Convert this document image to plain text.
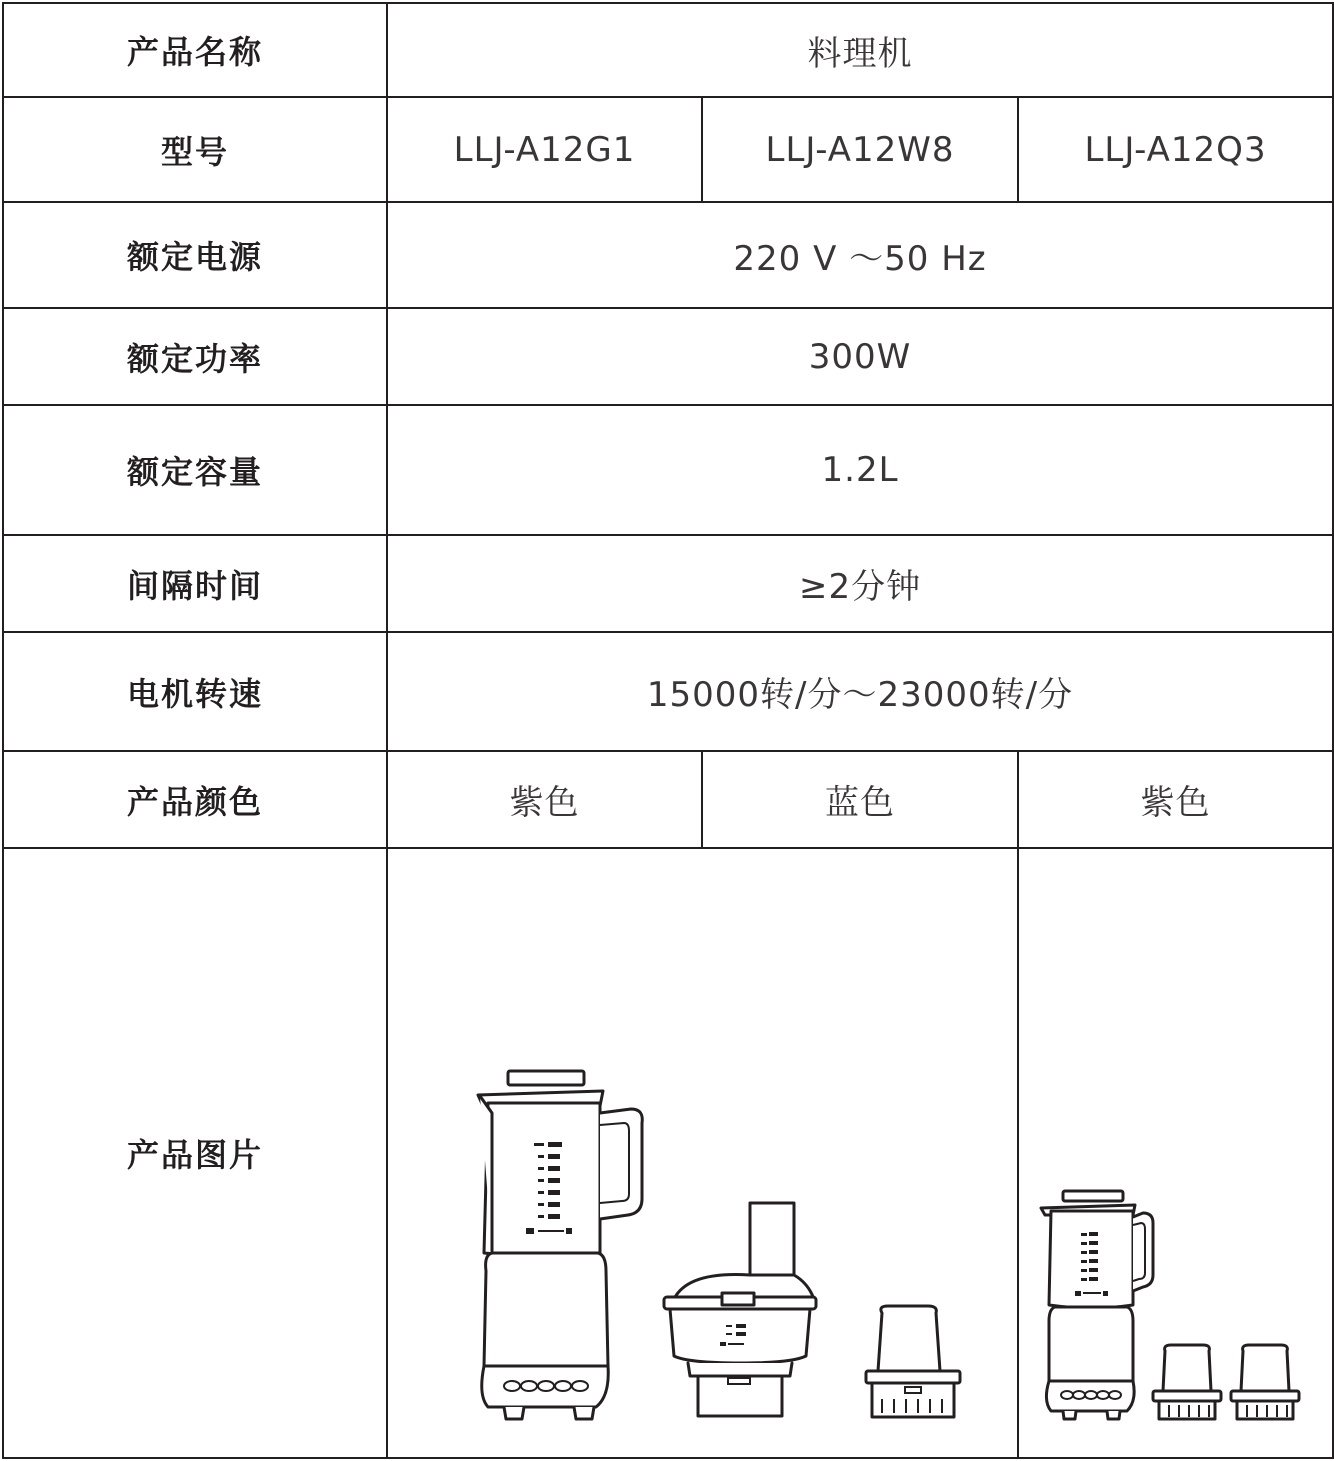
产品名称	料理机		
型号	LLJ-A12G1	LLJ-A12W8	LLJ-A12Q3
额定电源	220 V ～50 Hz		
额定功率	300W		
额定容量	1.2L		
间隔时间	≥2分钟		
电机转速	15000转/分～23000转/分		
产品颜色	紫色	蓝色	紫色
产品图片	
